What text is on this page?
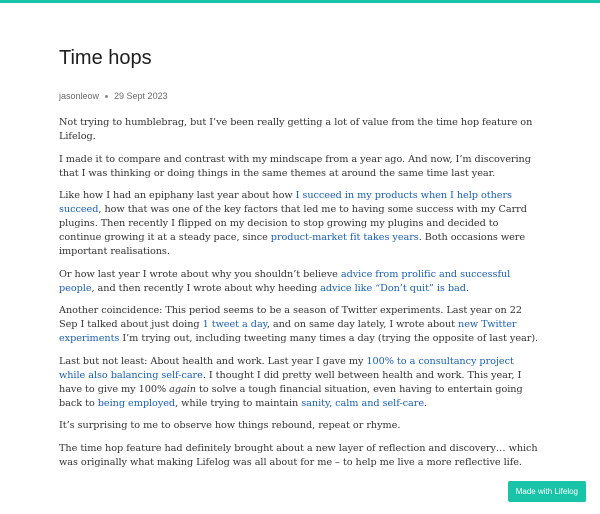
Time hops
jasonleow 29 Sept 2023

Not trying to humblebrag, but I’ve been really getting a lot of value from the time hop feature on Lifelog.

I made it to compare and contrast with my mindscape from a year ago. And now, I’m discovering that I was thinking or doing things in the same themes at around the same time last year.

Like how I had an epiphany last year about how I succeed in my products when I help others succeed, how that was one of the key factors that led me to having some success with my Carrd plugins. Then recently I flipped on my decision to stop growing my plugins and decided to continue growing it at a steady pace, since product-market fit takes years. Both occasions were important realisations.

Or how last year I wrote about why you shouldn’t believe advice from prolific and successful people, and then recently I wrote about why heeding advice like “Don’t quit” is bad.

Another coincidence: This period seems to be a season of Twitter experiments. Last year on 22 Sep I talked about just doing 1 tweet a day, and on same day lately, I wrote about new Twitter experiments I’m trying out, including tweeting many times a day (trying the opposite of last year).

Last but not least: About health and work. Last year I gave my 100% to a consultancy project while also balancing self-care. I thought I did pretty well between health and work. This year, I have to give my 100% again to solve a tough financial situation, even having to entertain going back to being employed, while trying to maintain sanity, calm and self-care.

It’s surprising to me to observe how things rebound, repeat or rhyme.

The time hop feature had definitely brought about a new layer of reflection and discovery… which was originally what making Lifelog was all about for me – to help me live a more reflective life.

Made with Lifelog
